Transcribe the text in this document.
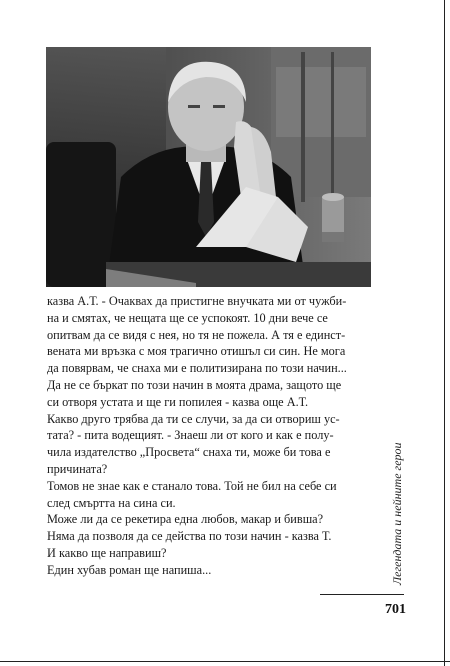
казва А.Т. - Очаквах да пристигне внучката ми от чужби-

на и смятах, че нещата ще се успокоят. 10 дни вече се

опитвам да се видя с нея, но тя не пожела. А тя е единст-

вената ми връзка с моя трагично отишъл си син. Не мога

да повярвам, че снаха ми е политизирана по този начин...

Да не се бъркат по този начин в моята драма, защото ще

си отворя устата и ще ги попилея - казва още А.Т.

Какво друго трябва да ти се случи, за да си отвориш ус-

тата? - пита водещият. - Знаеш ли от кого и как е полу-

чила издателство „Просвета“ снаха ти, може би това е

причината?

Томов не знае как е станало това. Той не бил на себе си

след смъртта на сина си.

Може ли да се рекетира една любов, макар и бивша?

Няма да позволя да се действа по този начин - казва Т.

И какво ще направиш?

Един хубав роман ще напиша...	Легендата и нейните герои
701
